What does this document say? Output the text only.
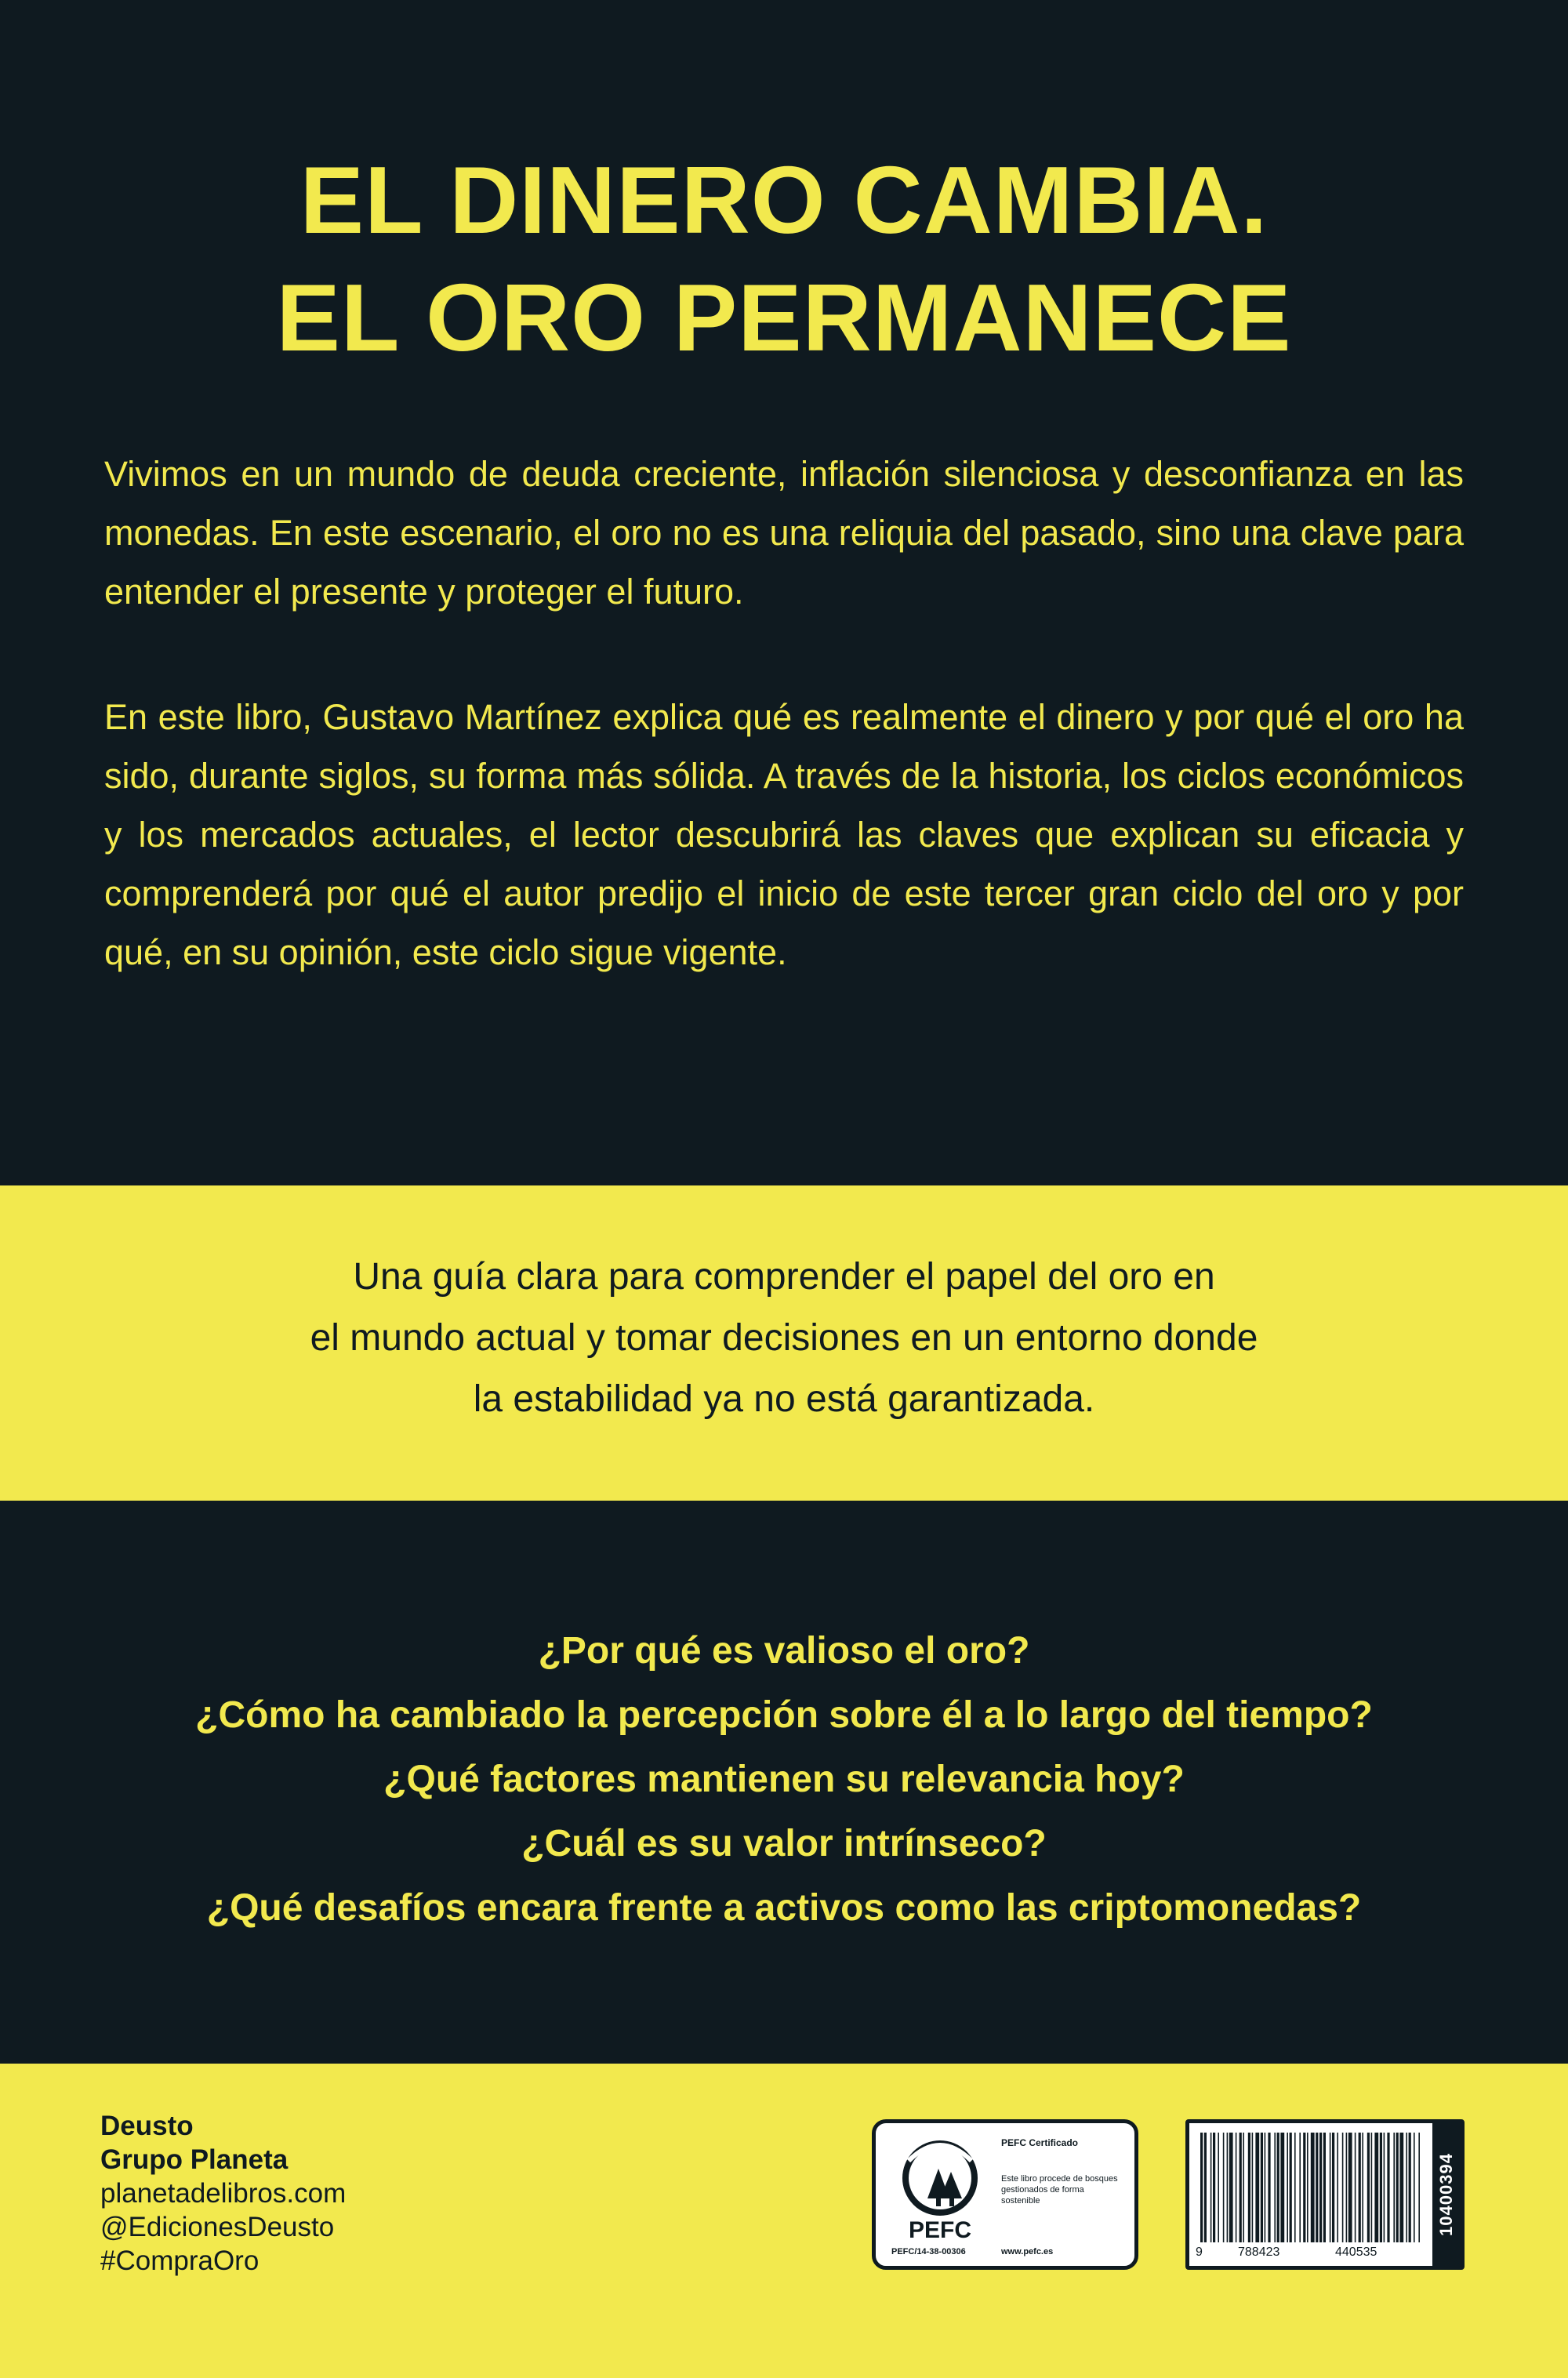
EL DINERO CAMBIA.
EL ORO PERMANECE
Vivimos en un mundo de deuda creciente, inflación silenciosa y desconfianza en las monedas. En este escenario, el oro no es una reliquia del pasado, sino una clave para entender el presente y proteger el futuro.
En este libro, Gustavo Martínez explica qué es realmente el dinero y por qué el oro ha sido, durante siglos, su forma más sólida. A través de la historia, los ciclos económicos y los mercados actuales, el lector descubrirá las claves que explican su eficacia y comprenderá por qué el autor predijo el inicio de este tercer gran ciclo del oro y por qué, en su opinión, este ciclo sigue vigente.
Una guía clara para comprender el papel del oro en
el mundo actual y tomar decisiones en un entorno donde
la estabilidad ya no está garantizada.
¿Por qué es valioso el oro?
¿Cómo ha cambiado la percepción sobre él a lo largo del tiempo?
¿Qué factores mantienen su relevancia hoy?
¿Cuál es su valor intrínseco?
¿Qué desafíos encara frente a activos como las criptomonedas?
Deusto
Grupo Planeta
planetadelibros.com
@EdicionesDeusto
#CompraOro
PEFC
PEFC Certificado
Este libro procede de bosques gestionados de forma sostenible
www.pefc.es
PEFC/14-38-00306	9	788423	440535
10400394
